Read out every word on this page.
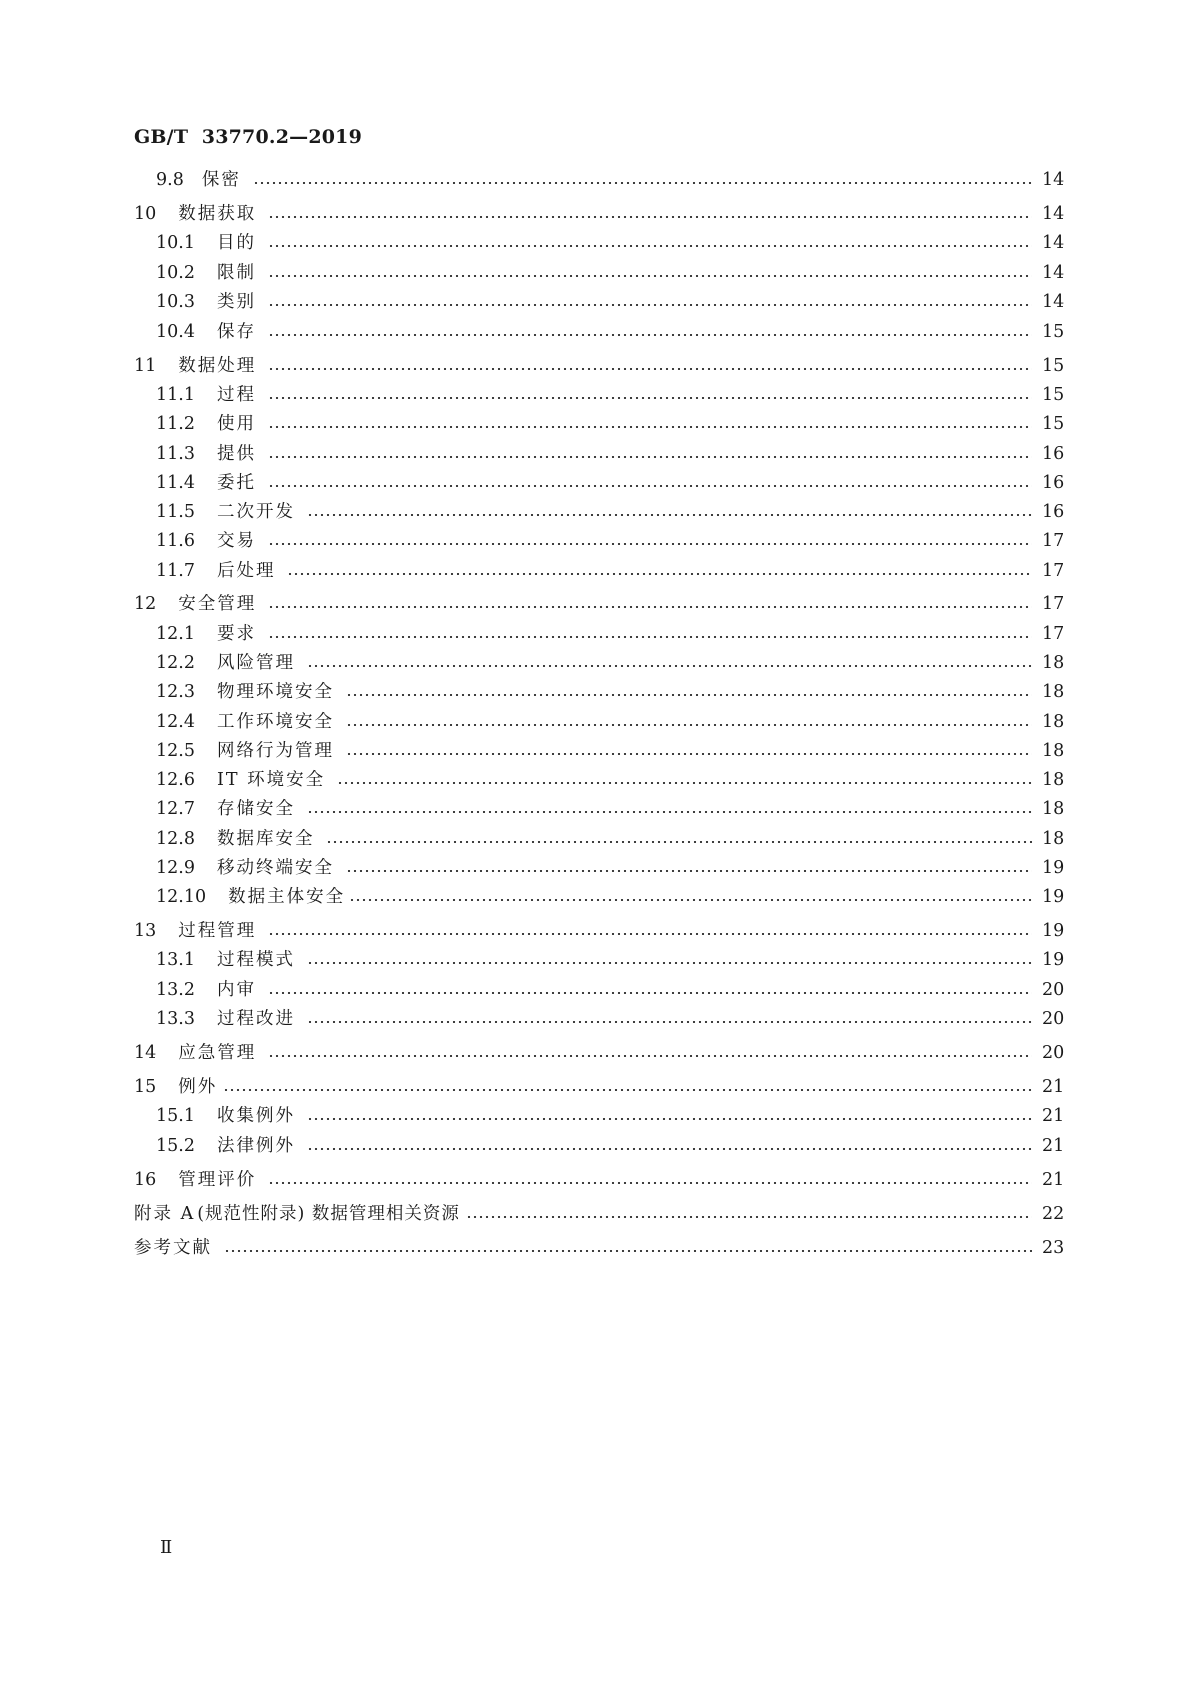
GB/T  33770.2—2019
9.8 保密	14
10 数据获取	14
10.1 目的	14
10.2 限制	14
10.3 类别	14
10.4 保存	15
11 数据处理	15
11.1 过程	15
11.2 使用	15
11.3 提供	16
11.4 委托	16
11.5 二次开发	16
11.6 交易	17
11.7 后处理	17
12 安全管理	17
12.1 要求	17
12.2 风险管理	18
12.3 物理环境安全	18
12.4 工作环境安全	18
12.5 网络行为管理	18
12.6 IT 环境安全	18
12.7 存储安全	18
12.8 数据库安全	18
12.9 移动终端安全	19
12.10 数据主体安全	19
13 过程管理	19
13.1 过程模式	19
13.2 内审	20
13.3 过程改进	20
14 应急管理	20
15 例外	21
15.1 收集例外	21
15.2 法律例外	21
16 管理评价	21
附录 A (规范性附录) 数据管理相关资源	22
参考文献	23
Ⅱ
